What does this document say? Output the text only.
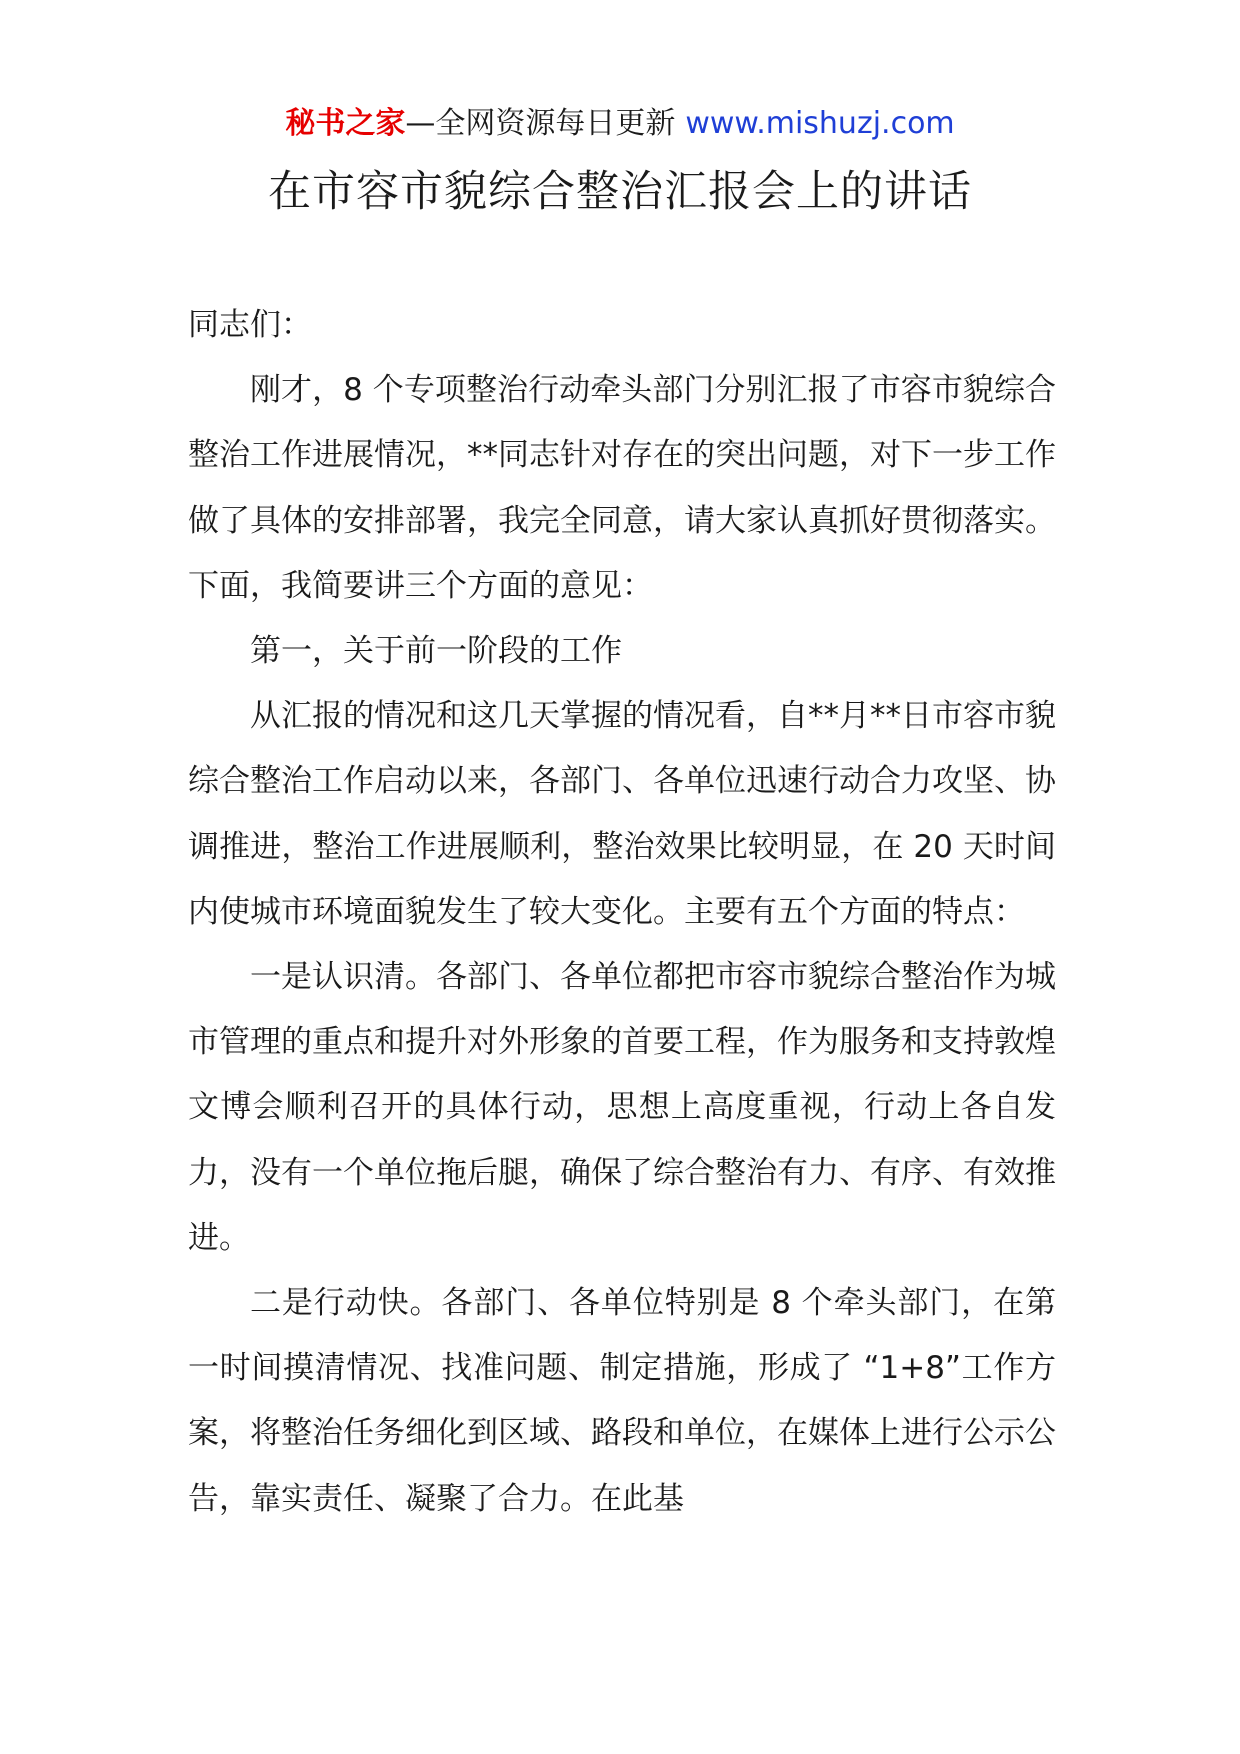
秘书之家—全网资源每日更新 www.mishuzj.com
在市容市貌综合整治汇报会上的讲话

同志们：

刚才，8 个专项整治行动牵头部门分别汇报了市容市貌综合整治工作进展情况，**同志针对存在的突出问题，对下一步工作做了具体的安排部署，我完全同意，请大家认真抓好贯彻落实。下面，我简要讲三个方面的意见：

第一，关于前一阶段的工作

从汇报的情况和这几天掌握的情况看，自**月**日市容市貌综合整治工作启动以来，各部门、各单位迅速行动合力攻坚、协调推进，整治工作进展顺利，整治效果比较明显，在 20 天时间内使城市环境面貌发生了较大变化。主要有五个方面的特点：

一是认识清。各部门、各单位都把市容市貌综合整治作为城市管理的重点和提升对外形象的首要工程，作为服务和支持敦煌文博会顺利召开的具体行动，思想上高度重视，行动上各自发力，没有一个单位拖后腿，确保了综合整治有力、有序、有效推进。

二是行动快。各部门、各单位特别是 8 个牵头部门，在第一时间摸清情况、找准问题、制定措施，形成了 “1+8”工作方案，将整治任务细化到区域、路段和单位，在媒体上进行公示公告，靠实责任、凝聚了合力。在此基
